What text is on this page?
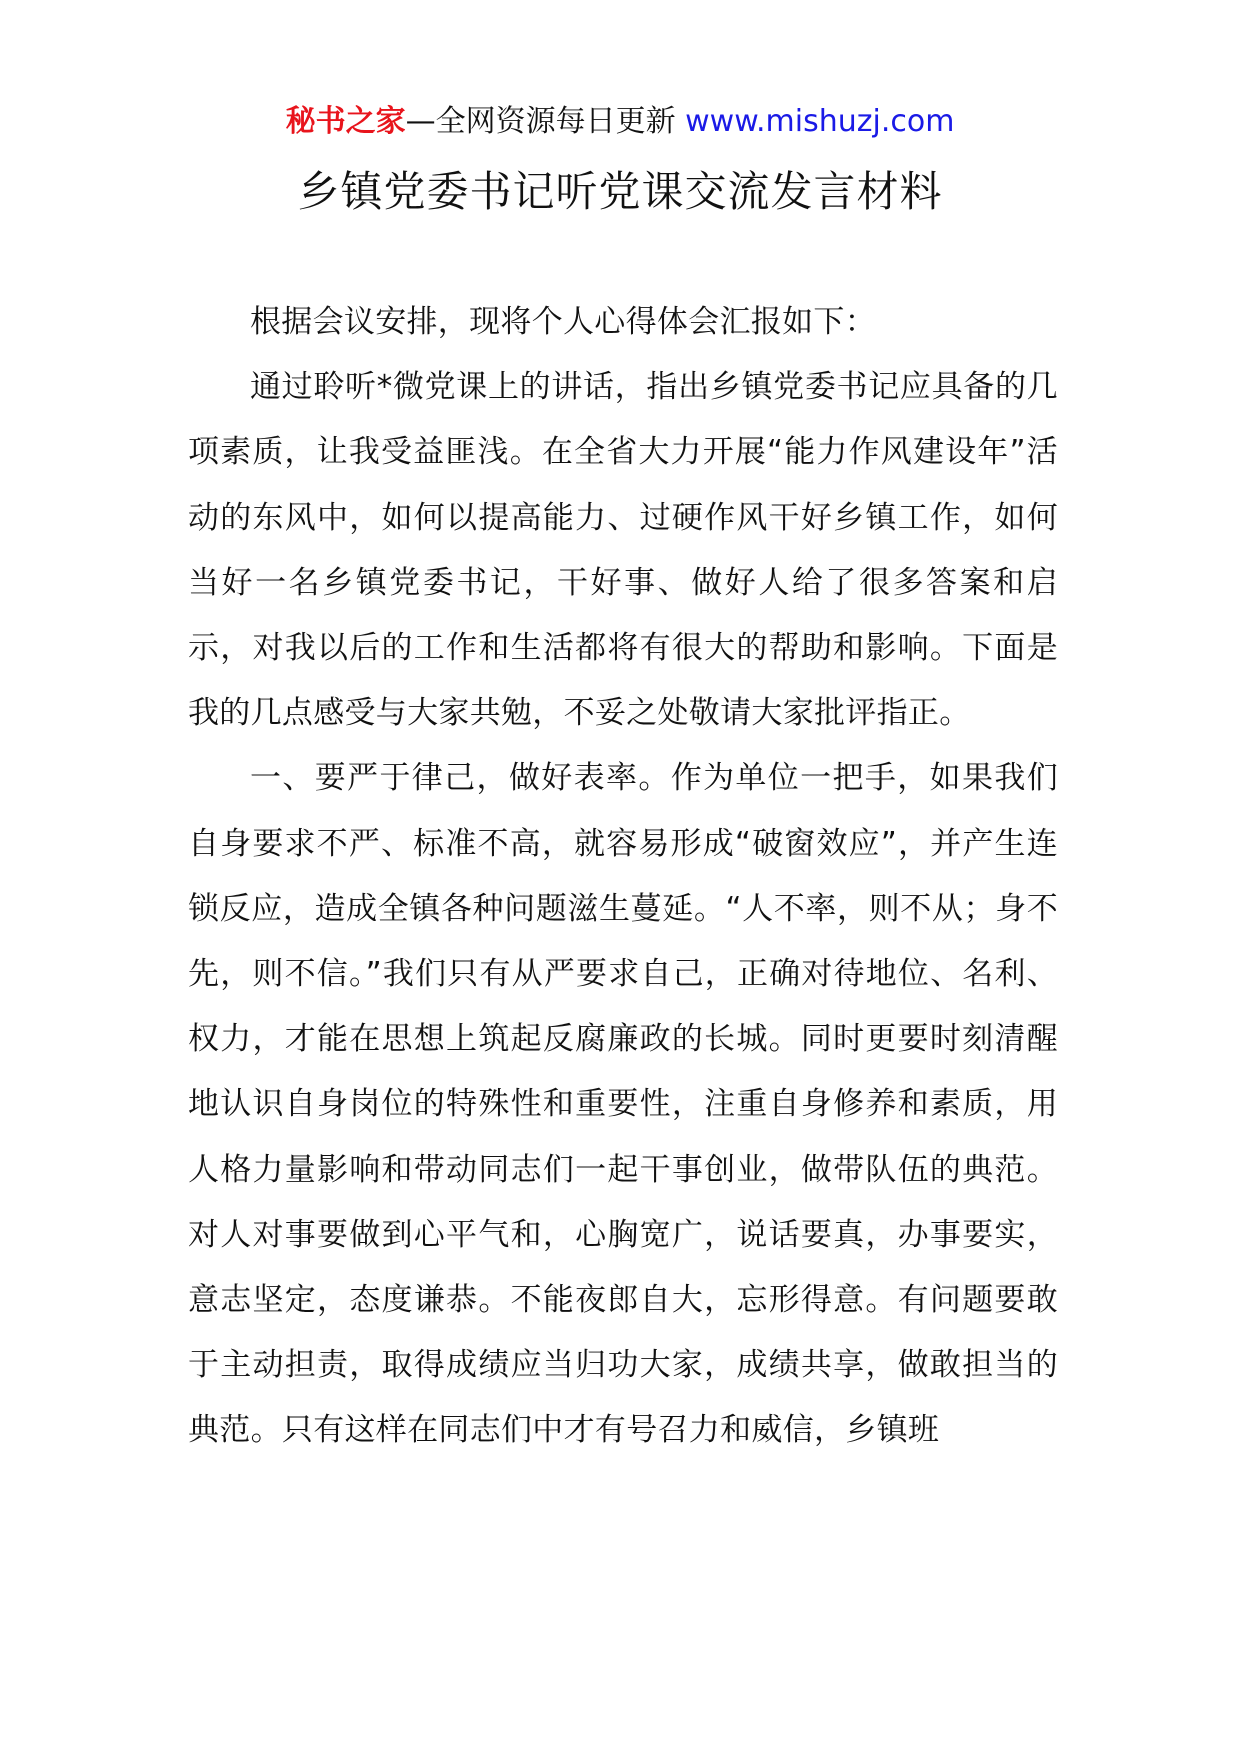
秘书之家—全网资源每日更新 www.mishuzj.com
乡镇党委书记听党课交流发言材料

根据会议安排，现将个人心得体会汇报如下：

通过聆听*微党课上的讲话，指出乡镇党委书记应具备的几项素质，让我受益匪浅。在全省大力开展“能力作风建设年”活动的东风中，如何以提高能力、过硬作风干好乡镇工作，如何当好一名乡镇党委书记，干好事、做好人给了很多答案和启示，对我以后的工作和生活都将有很大的帮助和影响。下面是我的几点感受与大家共勉，不妥之处敬请大家批评指正。

一、要严于律己，做好表率。作为单位一把手，如果我们自身要求不严、标准不高，就容易形成“破窗效应”，并产生连锁反应，造成全镇各种问题滋生蔓延。“人不率，则不从；身不先，则不信。”我们只有从严要求自己，正确对待地位、名利、权力，才能在思想上筑起反腐廉政的长城。同时更要时刻清醒地认识自身岗位的特殊性和重要性，注重自身修养和素质，用人格力量影响和带动同志们一起干事创业，做带队伍的典范。对人对事要做到心平气和，心胸宽广，说话要真，办事要实，意志坚定，态度谦恭。不能夜郎自大，忘形得意。有问题要敢于主动担责，取得成绩应当归功大家，成绩共享，做敢担当的典范。只有这样在同志们中才有号召力和威信，乡镇班
